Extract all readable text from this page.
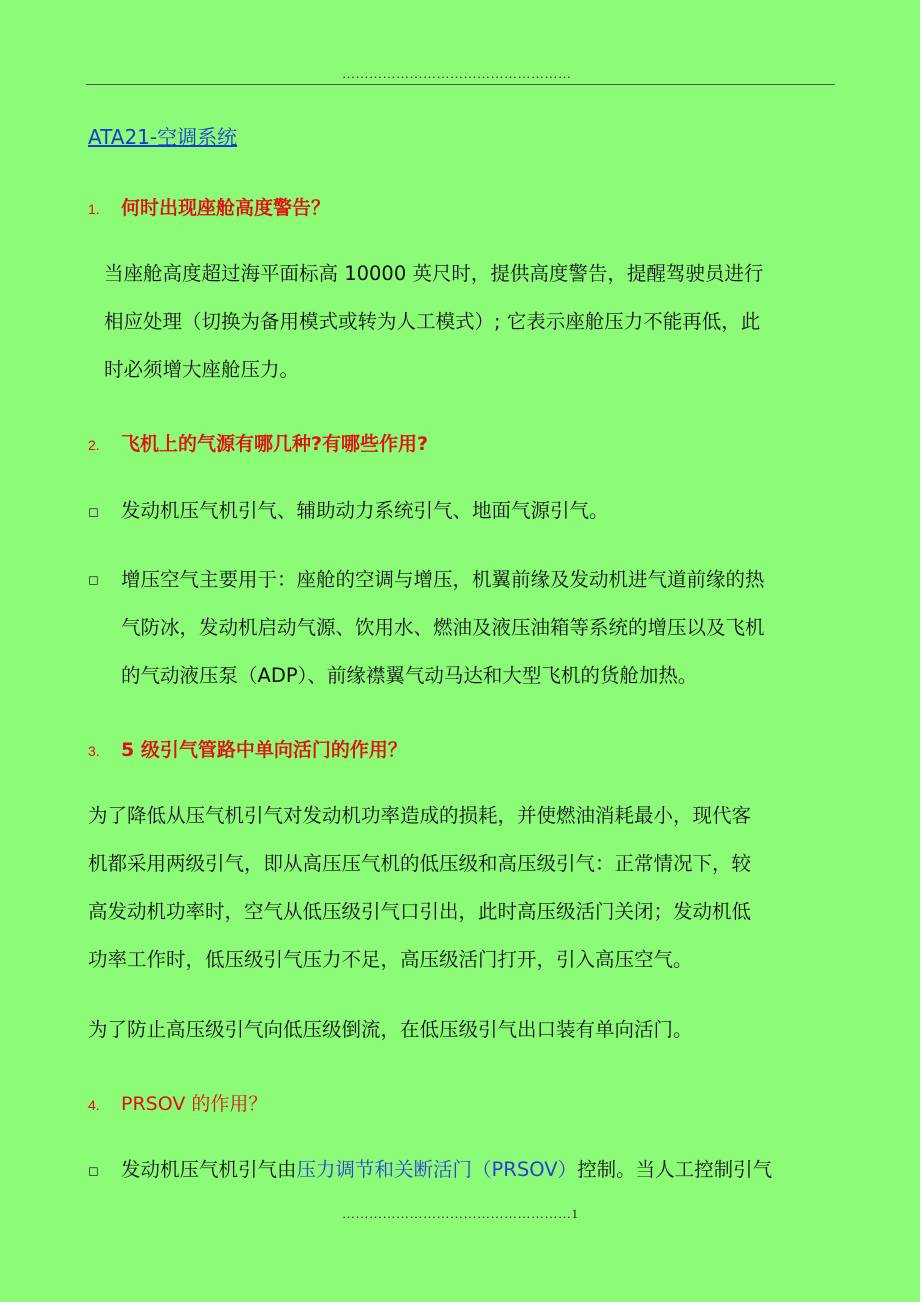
……………………………………………
ATA21-空调系统
1. 何时出现座舱高度警告？
当座舱高度超过海平面标高 10000 英尺时，提供高度警告，提醒驾驶员进行
相应处理（切换为备用模式或转为人工模式）; 它表示座舱压力不能再低，此
时必须增大座舱压力。
2. 飞机上的气源有哪几种?有哪些作用?
◻ 发动机压气机引气、辅助动力系统引气、地面气源引气。
◻ 增压空气主要用于：座舱的空调与增压，机翼前缘及发动机进气道前缘的热
气防冰，发动机启动气源、饮用水、燃油及液压油箱等系统的增压以及飞机
的气动液压泵（ADP）、前缘襟翼气动马达和大型飞机的货舱加热。
3. 5 级引气管路中单向活门的作用？
为了降低从压气机引气对发动机功率造成的损耗，并使燃油消耗最小，现代客
机都采用两级引气，即从高压压气机的低压级和高压级引气：正常情况下，较
高发动机功率时，空气从低压级引气口引出，此时高压级活门关闭；发动机低
功率工作时，低压级引气压力不足，高压级活门打开，引入高压空气。
为了防止高压级引气向低压级倒流，在低压级引气出口装有单向活门。
4. PRSOV 的作用？
◻ 发动机压气机引气由压力调节和关断活门（PRSOV）控制。当人工控制引气
……………………………………………1
